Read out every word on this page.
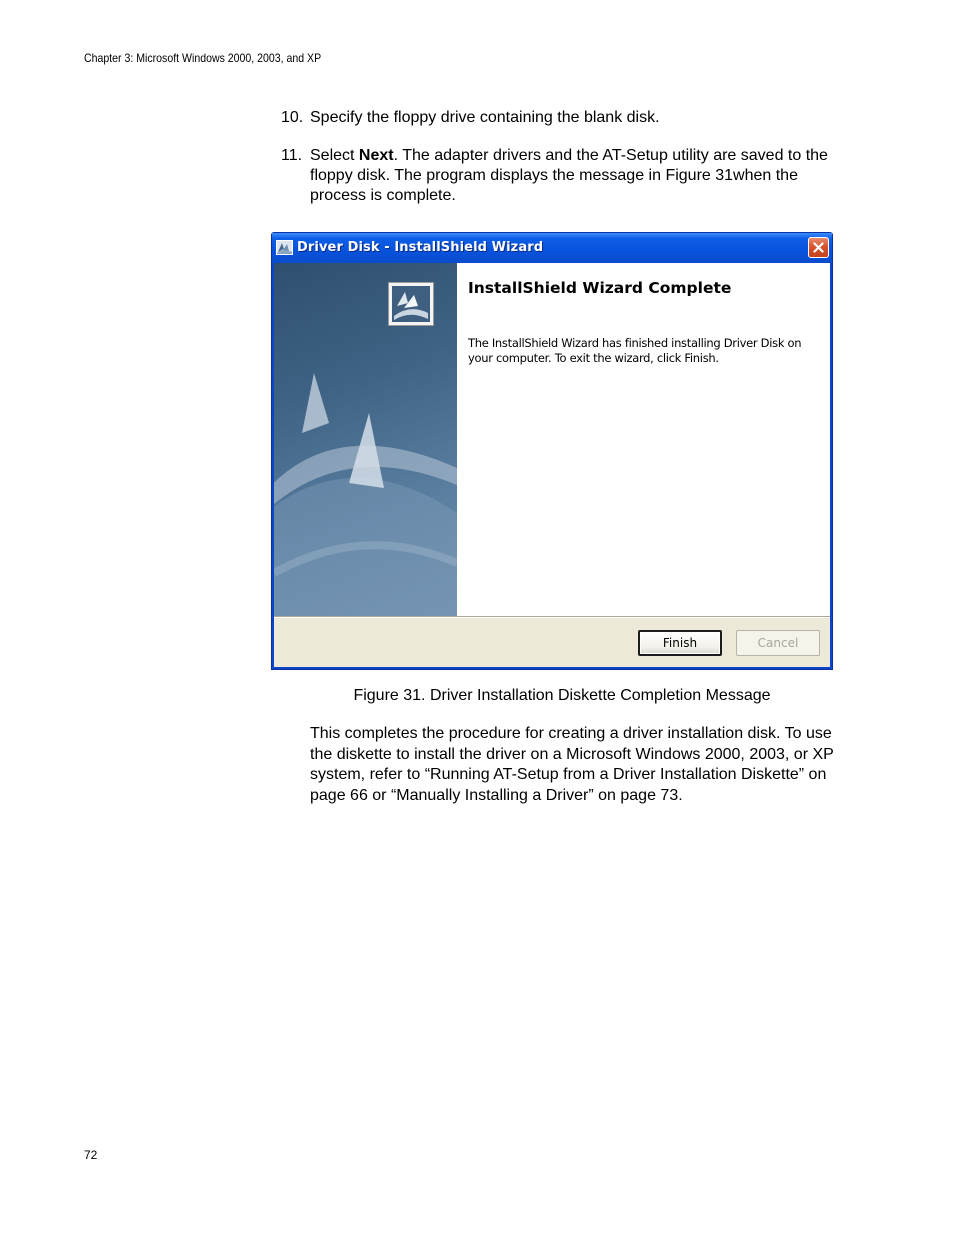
Chapter 3: Microsoft Windows 2000, 2003, and XP
10. Specify the floppy drive containing the blank disk.
11. Select Next. The adapter drivers and the AT-Setup utility are saved to the floppy disk. The program displays the message in Figure 31when the process is complete.
Driver Disk - InstallShield Wizard
InstallShield Wizard Complete
The InstallShield Wizard has finished installing Driver Disk on your computer. To exit the wizard, click Finish.
Finish	Cancel
Figure 31. Driver Installation Diskette Completion Message
This completes the procedure for creating a driver installation disk. To use the diskette to install the driver on a Microsoft Windows 2000, 2003, or XP system, refer to “Running AT-Setup from a Driver Installation Diskette” on page 66 or “Manually Installing a Driver” on page 73.
72
